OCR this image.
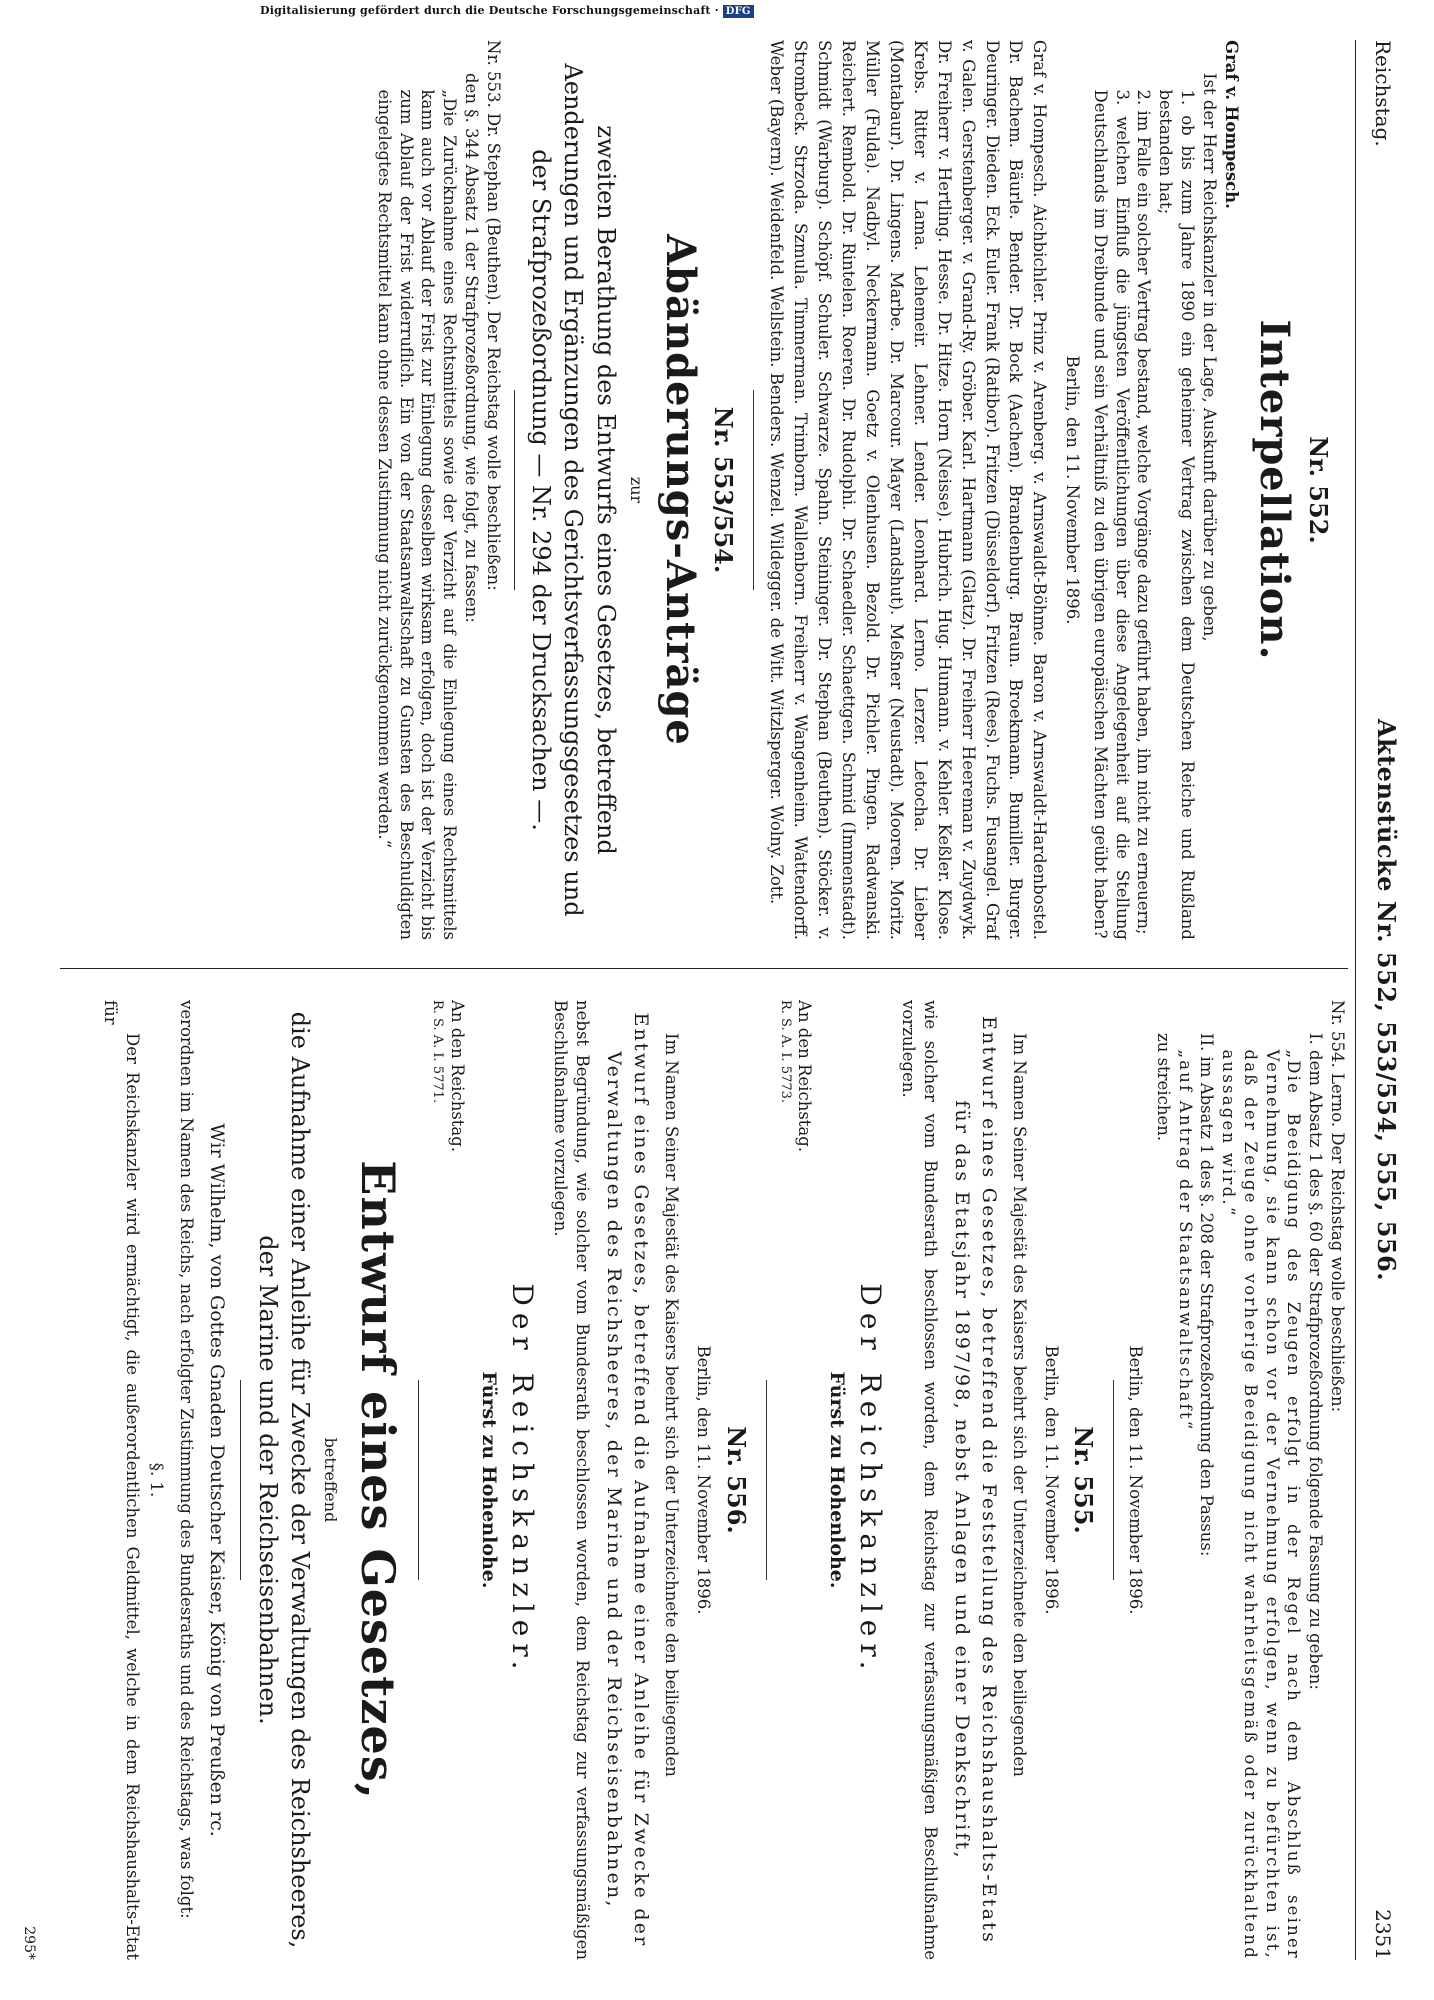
Digitalisierung gefördert durch die Deutsche Forschungsgemeinschaft · DFG
Reichstag.
Aktenstücke Nr. 552, 553/554, 555, 556.
2351
Nr. 552.
Interpellation.

Graf v. Hompesch.

Ist der Herr Reichskanzler in der Lage, Auskunft darüber zu geben,

1. ob bis zum Jahre 1890 ein geheimer Vertrag zwischen dem Deutschen Reiche und Rußland bestanden hat;

2. im Falle ein solcher Vertrag bestand, welche Vorgänge dazu geführt haben, ihn nicht zu erneuern;

3. welchen Einfluß die jüngsten Veröffentlichungen über diese Angelegenheit auf die Stellung Deutschlands im Dreibunde und sein Verhältniß zu den übrigen europäischen Mächten geübt haben?

Berlin, den 11. November 1896.

Graf v. Hompesch. Aichbichler. Prinz v. Arenberg. v. Arnswaldt-Böhme. Baron v. Arnswaldt-Hardenbostel. Dr. Bachem. Bäurle. Bender. Dr. Bock (Aachen). Brandenburg. Braun. Broekmann. Bumiller. Burger. Deuringer. Dieden. Eck. Euler. Frank (Ratibor). Fritzen (Düsseldorf). Fritzen (Rees). Fuchs. Fusangel. Graf v. Galen. Gerstenberger. v. Grand-Ry. Gröber. Karl. Hartmann (Glatz). Dr. Freiherr Heereman v. Zuydwyk. Dr. Freiherr v. Hertling. Hesse. Dr. Hitze. Horn (Neisse). Hubrich. Hug. Humann. v. Kehler. Keßler. Klose. Krebs. Ritter v. Lama. Lehemeir. Lehner. Lender. Leonhard. Lerno. Lerzer. Letocha. Dr. Lieber (Montabaur). Dr. Lingens. Marbe. Dr. Marcour. Mayer (Landshut). Meßner (Neustadt). Mooren. Moritz. Müller (Fulda). Nadbyl. Neckermann. Goetz v. Olenhusen. Bezold. Dr. Pichler. Pingen. Radwanski. Reichert. Rembold. Dr. Rintelen. Roeren. Dr. Rudolphi. Dr. Schaedler. Schaettgen. Schmid (Immenstadt). Schmidt (Warburg). Schöpf. Schuler. Schwarze. Spahn. Steininger. Dr. Stephan (Beuthen). Stöcker. v. Strombeck. Strzoda. Szmula. Timmerman. Trimborn. Wallenborn. Freiherr v. Wangenheim. Wattendorff. Weber (Bayern). Weidenfeld. Wellstein. Benders. Wenzel. Wildegger. de Witt. Witzlsperger. Wolny. Zott.

Nr. 553/554.
Abänderungs-Anträge
zur

zweiten Berathung des Entwurfs eines Gesetzes, betreffend Aenderungen und Ergänzungen des Gerichtsverfassungsgesetzes und der Strafprozeßordnung — Nr. 294 der Drucksachen —.

Nr. 553. Dr. Stephan (Beuthen). Der Reichstag wolle beschließen:

den §. 344 Absatz 1 der Strafprozeßordnung, wie folgt, zu fassen:

„Die Zurücknahme eines Rechtsmittels sowie der Verzicht auf die Einlegung eines Rechtsmittels kann auch vor Ablauf der Frist zur Einlegung desselben wirksam erfolgen, doch ist der Verzicht bis zum Ablauf der Frist widerruflich. Ein von der Staatsanwaltschaft zu Gunsten des Beschuldigten eingelegtes Rechtsmittel kann ohne dessen Zustimmung nicht zurückgenommen werden.“

Nr. 554. Lerno. Der Reichstag wolle beschließen:

I. dem Absatz 1 des §. 60 der Strafprozeßordnung folgende Fassung zu geben:

„Die Beeidigung des Zeugen erfolgt in der Regel nach dem Abschluß seiner Vernehmung, sie kann schon vor der Vernehmung erfolgen, wenn zu befürchten ist, daß der Zeuge ohne vorherige Beeidigung nicht wahrheitsgemäß oder zurückhaltend aussagen wird.“

II. im Absatz 1 des §. 208 der Strafprozeßordnung den Passus:

„auf Antrag der Staatsanwaltschaft“

zu streichen.

Berlin, den 11. November 1896.
Nr. 555.
Berlin, den 11. November 1896.

Im Namen Seiner Majestät des Kaisers beehrt sich der Unterzeichnete den beiliegenden

Entwurf eines Gesetzes, betreffend die Feststellung des Reichshaushalts-Etats für das Etatsjahr 1897/98, nebst Anlagen und einer Denkschrift,

wie solcher vom Bundesrath beschlossen worden, dem Reichstag zur verfassungsmäßigen Beschlußnahme vorzulegen.

Der Reichskanzler.
Fürst zu Hohenlohe.

An den Reichstag.

R. S. A. I. 5773.

Nr. 556.
Berlin, den 11. November 1896.

Im Namen Seiner Majestät des Kaisers beehrt sich der Unterzeichnete den beiliegenden

Entwurf eines Gesetzes, betreffend die Aufnahme einer Anleihe für Zwecke der Verwaltungen des Reichsheeres, der Marine und der Reichseisenbahnen,

nebst Begründung, wie solcher vom Bundesrath beschlossen worden, dem Reichstag zur verfassungsmäßigen Beschlußnahme vorzulegen.

Der Reichskanzler.
Fürst zu Hohenlohe.

An den Reichstag.

R. S. A. I. 5771.

Entwurf eines Gesetzes,
betreffend

die Aufnahme einer Anleihe für Zwecke der Verwaltungen des Reichsheeres, der Marine und der Reichseisenbahnen.

Wir Wilhelm, von Gottes Gnaden Deutscher Kaiser, König von Preußen rc.

verordnen im Namen des Reichs, nach erfolgter Zustimmung des Bundesraths und des Reichstags, was folgt:

§. 1.

Der Reichskanzler wird ermächtigt, die außerordentlichen Geldmittel, welche in dem Reichshaushalts-Etat für

295*
